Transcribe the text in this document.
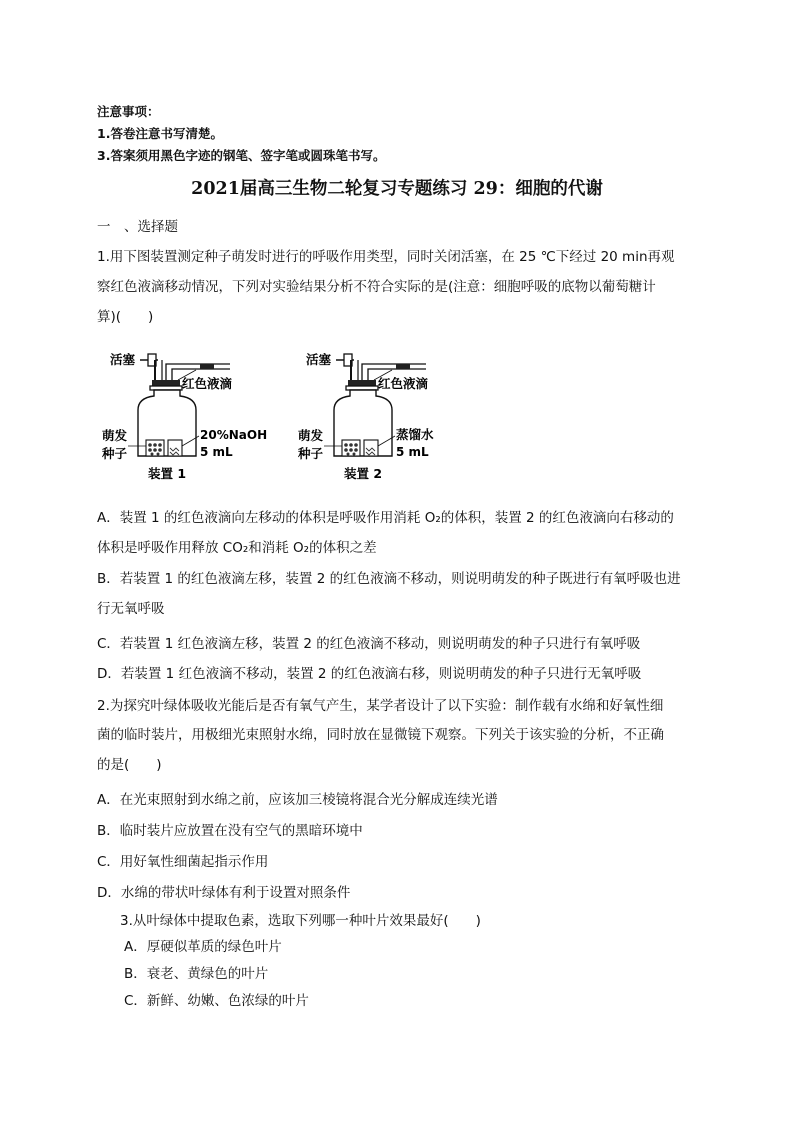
注意事项：
1.答卷注意书写清楚。
3.答案须用黑色字迹的钢笔、签字笔或圆珠笔书写。
2021届高三生物二轮复习专题练习 29：细胞的代谢
一　、选择题
1.用下图装置测定种子萌发时进行的呼吸作用类型，同时关闭活塞，在 25 ℃下经过 20 min再观
察红色液滴移动情况，下列对实验结果分析不符合实际的是(注意：细胞呼吸的底物以葡萄糖计
算)(　　)
活塞
红色液滴
萌发
种子
20%NaOH
5 mL
装置 1
活塞
红色液滴
萌发
种子
蒸馏水
5 mL
装置 2
A．装置 1 的红色液滴向左移动的体积是呼吸作用消耗 O₂的体积，装置 2 的红色液滴向右移动的
体积是呼吸作用释放 CO₂和消耗 O₂的体积之差
B．若装置 1 的红色液滴左移，装置 2 的红色液滴不移动，则说明萌发的种子既进行有氧呼吸也进
行无氧呼吸
C．若装置 1 红色液滴左移，装置 2 的红色液滴不移动，则说明萌发的种子只进行有氧呼吸
D．若装置 1 红色液滴不移动，装置 2 的红色液滴右移，则说明萌发的种子只进行无氧呼吸
2.为探究叶绿体吸收光能后是否有氧气产生，某学者设计了以下实验：制作载有水绵和好氧性细
菌的临时装片，用极细光束照射水绵，同时放在显微镜下观察。下列关于该实验的分析，不正确
的是(　　)
A．在光束照射到水绵之前，应该加三棱镜将混合光分解成连续光谱
B．临时装片应放置在没有空气的黑暗环境中
C．用好氧性细菌起指示作用
D．水绵的带状叶绿体有利于设置对照条件
3.从叶绿体中提取色素，选取下列哪一种叶片效果最好(　　)
A．厚硬似革质的绿色叶片
B．衰老、黄绿色的叶片
C．新鲜、幼嫩、色浓绿的叶片
